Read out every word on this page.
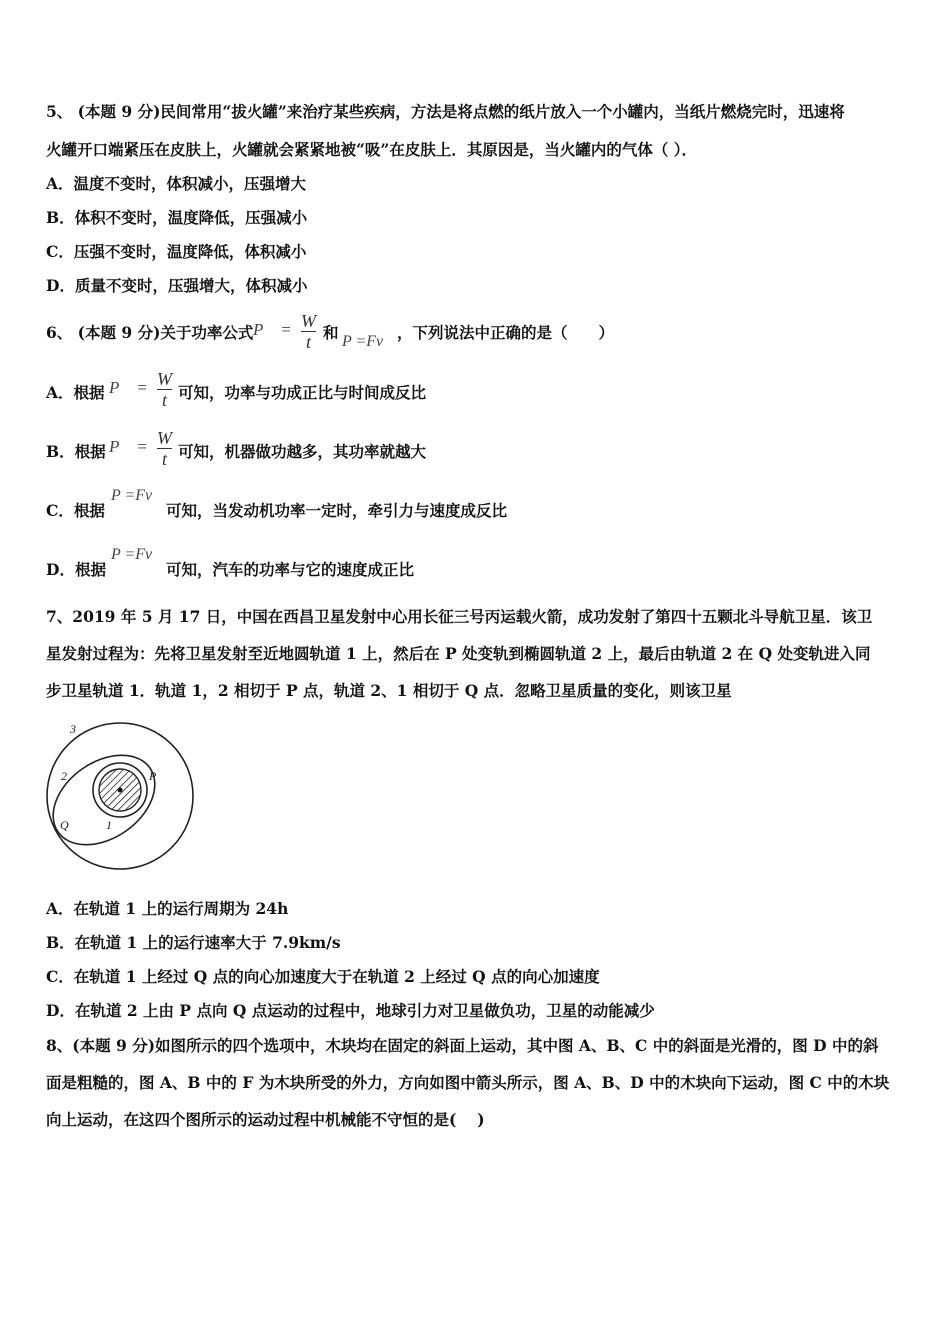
5、 (本题 9 分)民间常用“拔火罐”来治疗某些疾病，方法是将点燃的纸片放入一个小罐内，当纸片燃烧完时，迅速将
火罐开口端紧压在皮肤上，火罐就会紧紧地被“吸”在皮肤上．其原因是，当火罐内的气体（ ）．
A．温度不变时，体积减小，压强增大
B．体积不变时，温度降低，压强减小
C．压强不变时，温度降低，体积减小
D．质量不变时，压强增大，体积减小
6、 (本题 9 分)关于功率公式 $P = \frac{W}{t}$ 和 P =Fv ，下列说法中正确的是（　　）
A．根据 $P = \frac{W}{t}$ 可知，功率与功成正比与时间成反比
B．根据 $P = \frac{W}{t}$ 可知，机器做功越多，其功率就越大
C．根据
P =Fv
可知，当发动机功率一定时，牵引力与速度成反比
D．根据
P =Fv
可知，汽车的功率与它的速度成正比
7、2019 年 5 月 17 日，中国在西昌卫星发射中心用长征三号丙运载火箭，成功发射了第四十五颗北斗导航卫星．该卫
星发射过程为：先将卫星发射至近地圆轨道 1 上，然后在 P 处变轨到椭圆轨道 2 上，最后由轨道 2 在 Q 处变轨进入同
步卫星轨道 1．轨道 1，2 相切于 P 点，轨道 2、1 相切于 Q 点．忽略卫星质量的变化，则该卫星
3
2
1
P
Q
A．在轨道 1 上的运行周期为 24h
B．在轨道 1 上的运行速率大于 7.9km/s
C．在轨道 1 上经过 Q 点的向心加速度大于在轨道 2 上经过 Q 点的向心加速度
D．在轨道 2 上由 P 点向 Q 点运动的过程中，地球引力对卫星做负功，卫星的动能减少
8、(本题 9 分)如图所示的四个选项中，木块均在固定的斜面上运动，其中图 A、B、C 中的斜面是光滑的，图 D 中的斜
面是粗糙的，图 A、B 中的 F 为木块所受的外力，方向如图中箭头所示，图 A、B、D 中的木块向下运动，图 C 中的木块
向上运动，在这四个图所示的运动过程中机械能不守恒的是(　 )
